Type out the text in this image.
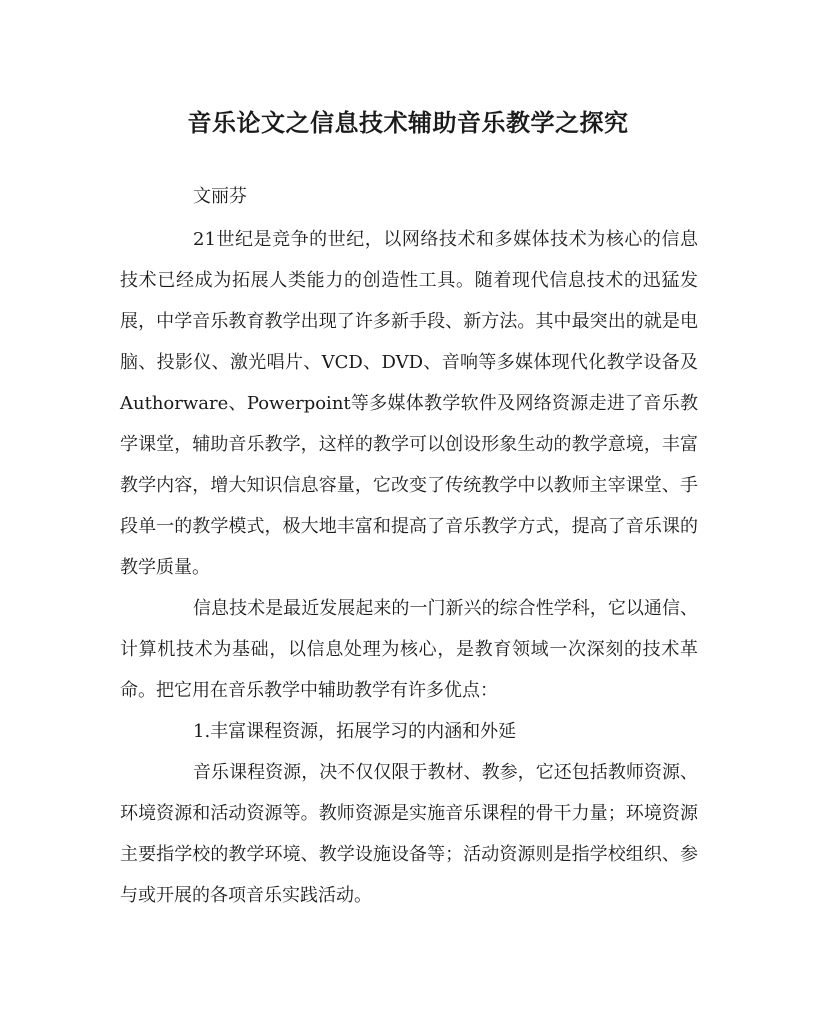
音乐论文之信息技术辅助音乐教学之探究

文丽芬

21世纪是竞争的世纪，以网络技术和多媒体技术为核心的信息技术已经成为拓展人类能力的创造性工具。随着现代信息技术的迅猛发展，中学音乐教育教学出现了许多新手段、新方法。其中最突出的就是电脑、投影仪、激光唱片、VCD、DVD、音响等多媒体现代化教学设备及Authorware、Powerpoint等多媒体教学软件及网络资源走进了音乐教学课堂，辅助音乐教学，这样的教学可以创设形象生动的教学意境，丰富教学内容，增大知识信息容量，它改变了传统教学中以教师主宰课堂、手段单一的教学模式，极大地丰富和提高了音乐教学方式，提高了音乐课的教学质量。

信息技术是最近发展起来的一门新兴的综合性学科，它以通信、计算机技术为基础，以信息处理为核心，是教育领域一次深刻的技术革命。把它用在音乐教学中辅助教学有许多优点：

1.丰富课程资源，拓展学习的内涵和外延

音乐课程资源，决不仅仅限于教材、教参，它还包括教师资源、环境资源和活动资源等。教师资源是实施音乐课程的骨干力量；环境资源主要指学校的教学环境、教学设施设备等；活动资源则是指学校组织、参与或开展的各项音乐实践活动。
